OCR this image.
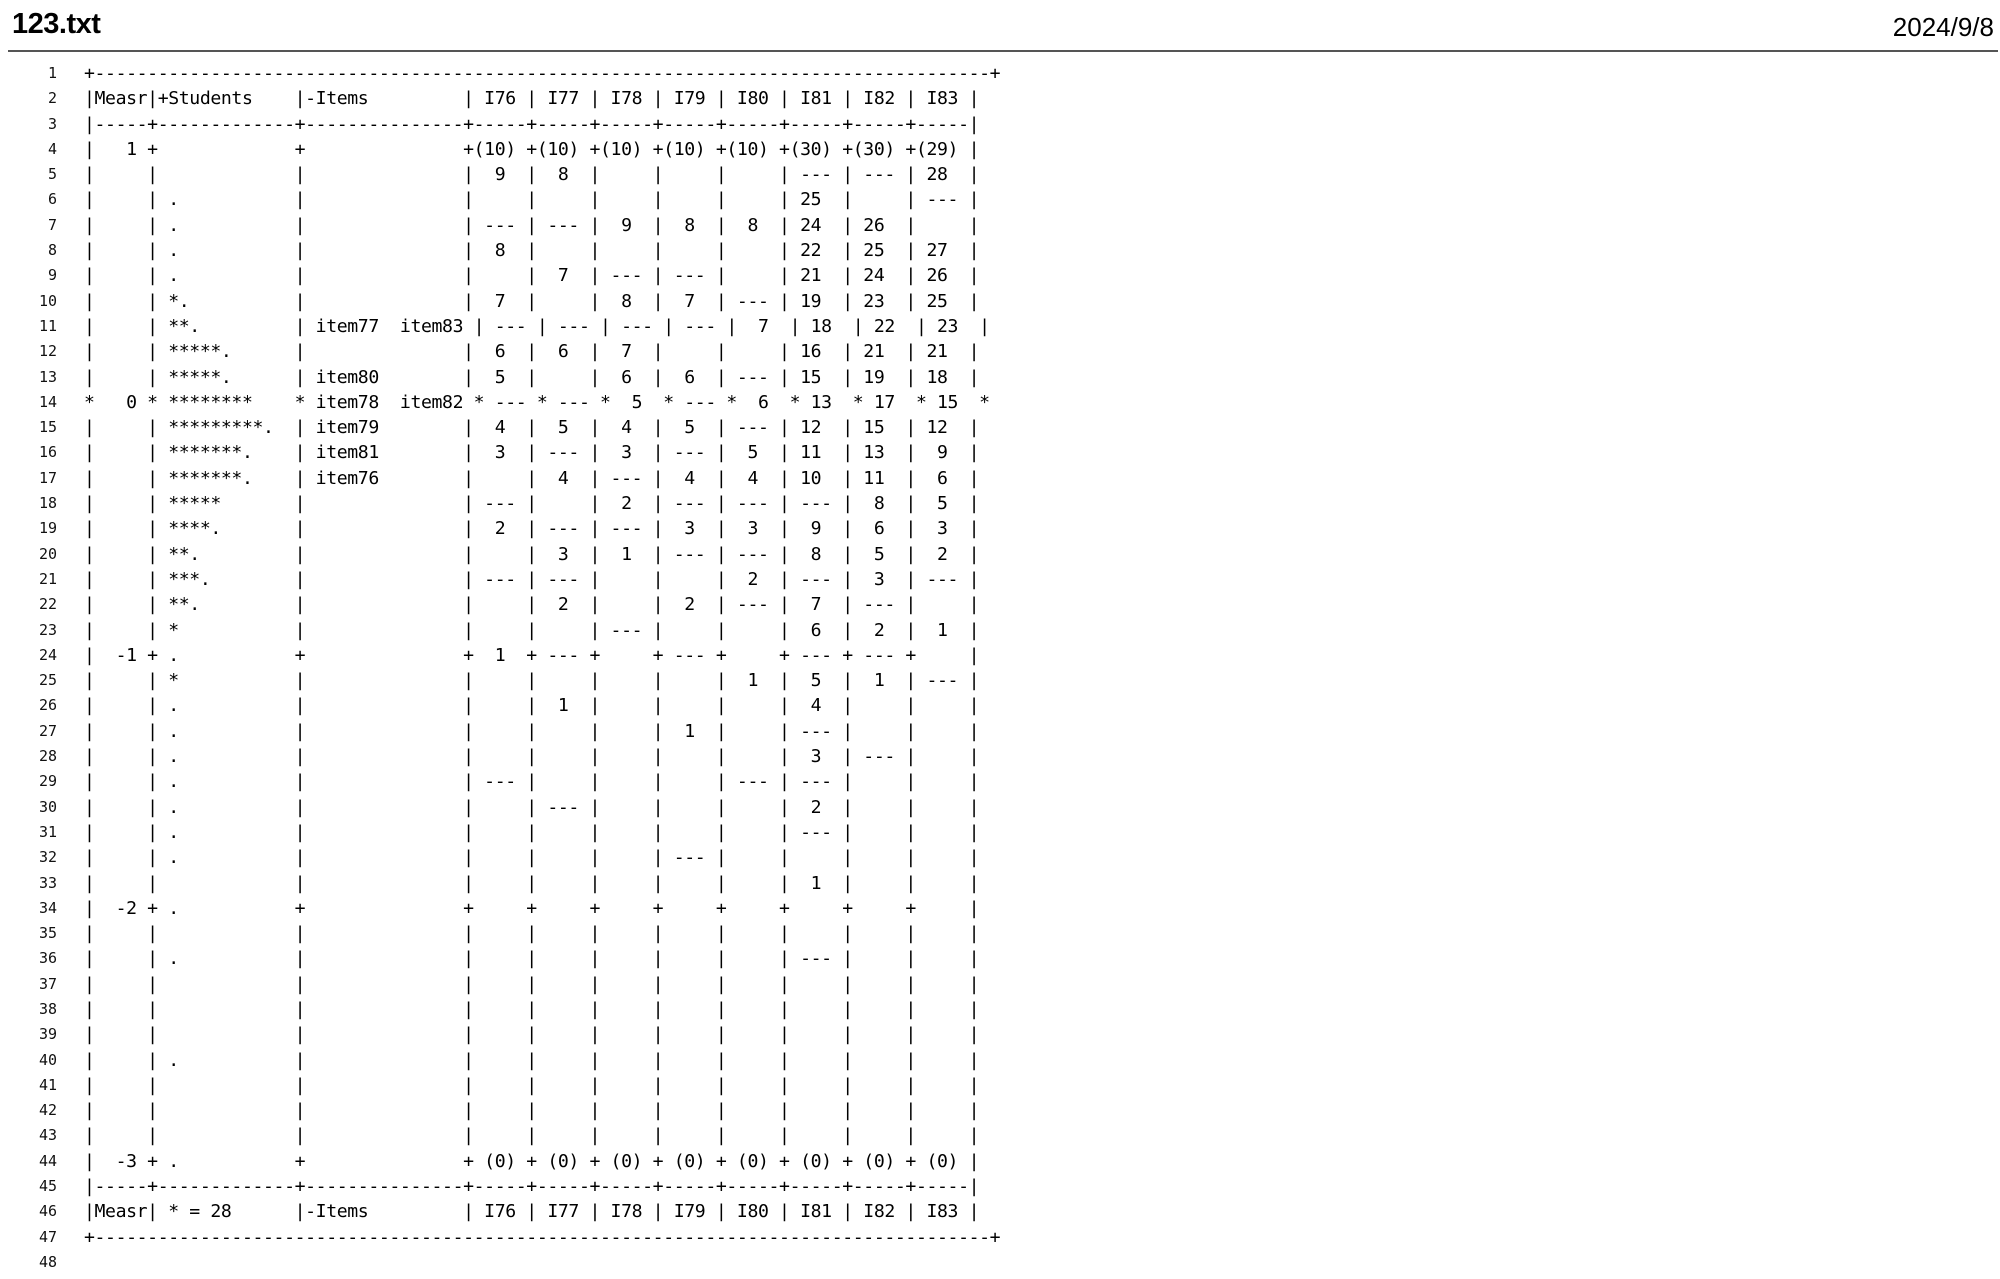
123.txt	2024/9/8
1 +-------------------------------------------------------------------------------------+
2 |Measr|+Students    |-Items         | I76 | I77 | I78 | I79 | I80 | I81 | I82 | I83 |
3 |-----+-------------+---------------+-----+-----+-----+-----+-----+-----+-----+-----|
4 |   1 +             +               +(10) +(10) +(10) +(10) +(10) +(30) +(30) +(29) |
5 |     |             |               |  9  |  8  |     |     |     | --- | --- | 28  |
6 |     | .           |               |     |     |     |     |     | 25  |     | --- |
7 |     | .           |               | --- | --- |  9  |  8  |  8  | 24  | 26  |     |
8 |     | .           |               |  8  |     |     |     |     | 22  | 25  | 27  |
9 |     | .           |               |     |  7  | --- | --- |     | 21  | 24  | 26  |
10 |     | *.          |               |  7  |     |  8  |  7  | --- | 19  | 23  | 25  |
11 |     | **.         | item77  item83 | --- | --- | --- | --- |  7  | 18  | 22  | 23  |
12 |     | *****.      |               |  6  |  6  |  7  |     |     | 16  | 21  | 21  |
13 |     | *****.      | item80        |  5  |     |  6  |  6  | --- | 15  | 19  | 18  |
14 *   0 * ********    * item78  item82 * --- * --- *  5  * --- *  6  * 13  * 17  * 15  *
15 |     | *********.  | item79        |  4  |  5  |  4  |  5  | --- | 12  | 15  | 12  |
16 |     | *******.    | item81        |  3  | --- |  3  | --- |  5  | 11  | 13  |  9  |
17 |     | *******.    | item76        |     |  4  | --- |  4  |  4  | 10  | 11  |  6  |
18 |     | *****       |               | --- |     |  2  | --- | --- | --- |  8  |  5  |
19 |     | ****.       |               |  2  | --- | --- |  3  |  3  |  9  |  6  |  3  |
20 |     | **.         |               |     |  3  |  1  | --- | --- |  8  |  5  |  2  |
21 |     | ***.        |               | --- | --- |     |     |  2  | --- |  3  | --- |
22 |     | **.         |               |     |  2  |     |  2  | --- |  7  | --- |     |
23 |     | *           |               |     |     | --- |     |     |  6  |  2  |  1  |
24 |  -1 + .           +               +  1  + --- +     + --- +     + --- + --- +     |
25 |     | *           |               |     |     |     |     |  1  |  5  |  1  | --- |
26 |     | .           |               |     |  1  |     |     |     |  4  |     |     |
27 |     | .           |               |     |     |     |  1  |     | --- |     |     |
28 |     | .           |               |     |     |     |     |     |  3  | --- |     |
29 |     | .           |               | --- |     |     |     | --- | --- |     |     |
30 |     | .           |               |     | --- |     |     |     |  2  |     |     |
31 |     | .           |               |     |     |     |     |     | --- |     |     |
32 |     | .           |               |     |     |     | --- |     |     |     |     |
33 |     |             |               |     |     |     |     |     |  1  |     |     |
34 |  -2 + .           +               +     +     +     +     +     +     +     +     |
35 |     |             |               |     |     |     |     |     |     |     |     |
36 |     | .           |               |     |     |     |     |     | --- |     |     |
37 |     |             |               |     |     |     |     |     |     |     |     |
38 |     |             |               |     |     |     |     |     |     |     |     |
39 |     |             |               |     |     |     |     |     |     |     |     |
40 |     | .           |               |     |     |     |     |     |     |     |     |
41 |     |             |               |     |     |     |     |     |     |     |     |
42 |     |             |               |     |     |     |     |     |     |     |     |
43 |     |             |               |     |     |     |     |     |     |     |     |
44 |  -3 + .           +               + (0) + (0) + (0) + (0) + (0) + (0) + (0) + (0) |
45 |-----+-------------+---------------+-----+-----+-----+-----+-----+-----+-----+-----|
46 |Measr| * = 28      |-Items         | I76 | I77 | I78 | I79 | I80 | I81 | I82 | I83 |
47 +-------------------------------------------------------------------------------------+
48
